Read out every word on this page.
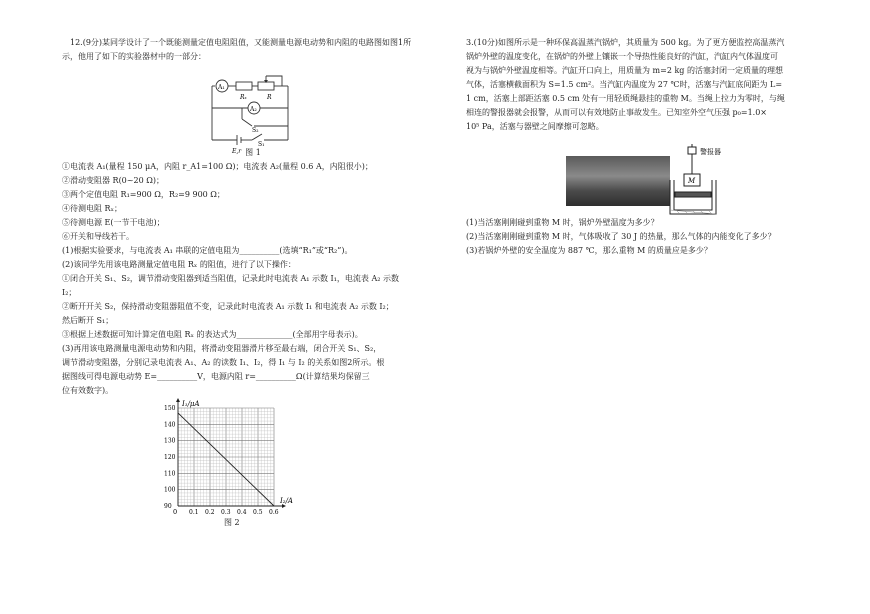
12.(9分)某同学设计了一个既能测量定值电阻阻值，又能测量电源电动势和内阻的电路图如图1所示，他用了如下的实验器材中的一部分：

A₁
A₂
Rₓ	R
S₂
S₁
E,r 图 1

①电流表 A₁(量程 150 μA，内阻 r_A1=100 Ω)；电流表 A₂(量程 0.6 A，内阻很小)；

②滑动变阻器 R(0~20 Ω)；

③两个定值电阻 R₁=900 Ω，R₂=9 900 Ω；

④待测电阻 Rₓ；

⑤待测电源 E(一节干电池)；

⑥开关和导线若干。

(1)根据实验要求，与电流表 A₁ 串联的定值电阻为__________(选填“R₁”或“R₂”)。

(2)该同学先用该电路测量定值电阻 Rₓ 的阻值，进行了以下操作：

①闭合开关 S₁、S₂，调节滑动变阻器到适当阻值，记录此时电流表 A₁ 示数 I₁，电流表 A₂ 示数 I₂；

②断开开关 S₂，保持滑动变阻器阻值不变，记录此时电流表 A₁ 示数 I₁ 和电流表 A₂ 示数 I₂；

然后断开 S₁；

③根据上述数据可知计算定值电阻 Rₓ 的表达式为______________(全部用字母表示)。

(3)再用该电路测量电源电动势和内阻，将滑动变阻器滑片移至最右端，闭合开关 S₁、S₂，

调节滑动变阻器，分别记录电流表 A₁、A₂ 的读数 I₁、I₂，得 I₁ 与 I₂ 的关系如图2所示。根

据图线可得电源电动势 E=__________V，电源内阻 r=__________Ω(计算结果均保留三

位有效数字)。

0.1 0.2 0.3 0.4 0.5 0.6
150
140
130
120
110
100
90
I₁/μA
I₂/A
0

图 2

3.(10分)如图所示是一种环保高温蒸汽锅炉，其质量为 500 kg。为了更方便监控高温蒸汽

锅炉外壁的温度变化，在锅炉的外壁上镶嵌一个导热性能良好的汽缸，汽缸内气体温度可

视为与锅炉外壁温度相等。汽缸开口向上，用质量为 m=2 kg 的活塞封闭一定质量的理想

气体，活塞横截面积为 S=1.5 cm²。当汽缸内温度为 27 ℃时，活塞与汽缸底间距为 L=

1 cm，活塞上部距活塞 0.5 cm 处有一用轻质绳悬挂的重物 M。当绳上拉力为零时，与绳

相连的警报器就会报警，从而可以有效地防止事故发生。已知室外空气压强 p₀=1.0×

10⁵ Pa，活塞与器壁之间摩擦可忽略。

警报器
M

(1)当活塞刚刚碰到重物 M 时，锅炉外壁温度为多少？

(2)当活塞刚刚碰到重物 M 时，气体吸收了 30 J 的热量，那么气体的内能变化了多少？

(3)若锅炉外壁的安全温度为 887 ℃，那么重物 M 的质量应是多少？
